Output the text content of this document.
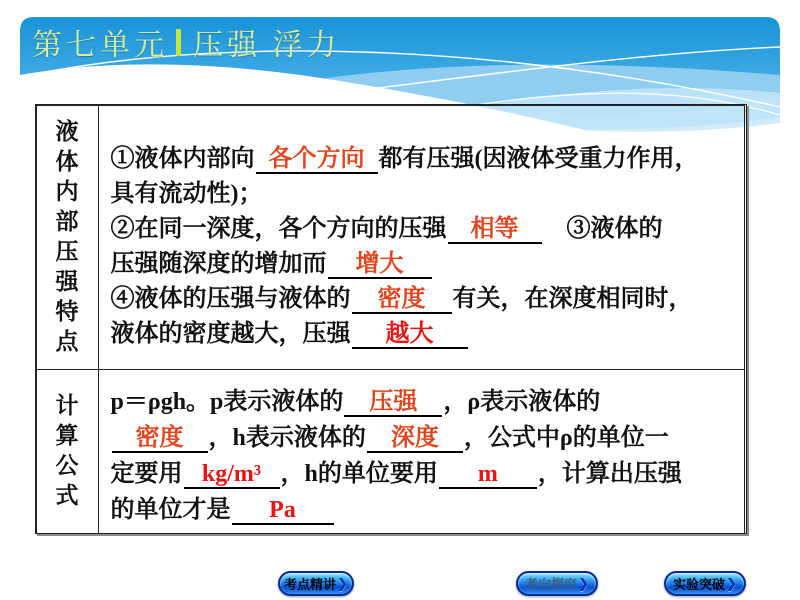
第七单元 压强 浮力
液
体
内
部
压
强
特
点
①液体内部向 各个方向 都有压强(因液体受重力作用，
具有流动性)；
②在同一深度，各个方向的压强 相等　③液体的
压强随深度的增加而 增大
④液体的压强与液体的 密度 有关，在深度相同时，
液体的密度越大，压强 越大
计
算
公
式
p＝ρgh。p表示液体的 压强 ，ρ表示液体的
密度 ，h表示液体的 深度 ，公式中ρ的单位一
定要用 kg/m³ ，h的单位要用 m ，计算出压强
的单位才是 Pa
考点精讲 ❯	考向探究 ❯	实验突破 ❯
